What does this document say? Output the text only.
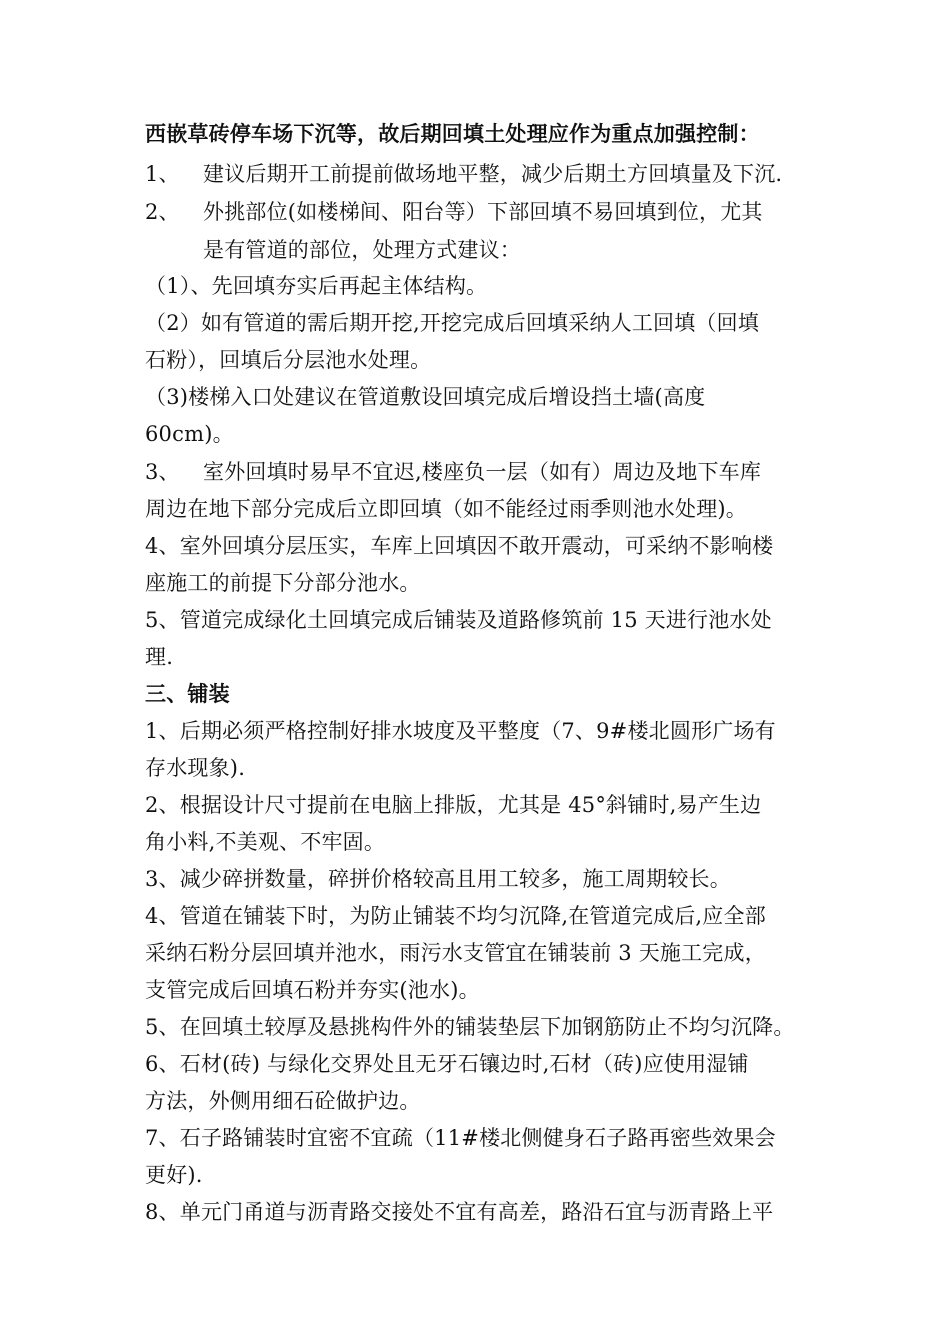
西嵌草砖停车场下沉等，故后期回填土处理应作为重点加强控制：
1、 建议后期开工前提前做场地平整，减少后期土方回填量及下沉.
2、 外挑部位(如楼梯间、阳台等）下部回填不易回填到位，尤其
是有管道的部位，处理方式建议：
（1）、先回填夯实后再起主体结构。
（2）如有管道的需后期开挖,开挖完成后回填采纳人工回填（回填
石粉），回填后分层池水处理。
（3)楼梯入口处建议在管道敷设回填完成后增设挡土墙(高度
60cm)。
3、 室外回填时易早不宜迟,楼座负一层（如有）周边及地下车库
周边在地下部分完成后立即回填（如不能经过雨季则池水处理)。
4、室外回填分层压实，车库上回填因不敢开震动，可采纳不影响楼
座施工的前提下分部分池水。
5、管道完成绿化土回填完成后铺装及道路修筑前 15 天进行池水处
理.
三、铺装
1、后期必须严格控制好排水坡度及平整度（7、9#楼北圆形广场有
存水现象).
2、根据设计尺寸提前在电脑上排版，尤其是 45°斜铺时,易产生边
角小料,不美观、不牢固。
3、减少碎拼数量，碎拼价格较高且用工较多，施工周期较长。
4、管道在铺装下时，为防止铺装不均匀沉降,在管道完成后,应全部
采纳石粉分层回填并池水，雨污水支管宜在铺装前 3 天施工完成，
支管完成后回填石粉并夯实(池水)。
5、在回填土较厚及悬挑构件外的铺装垫层下加钢筋防止不均匀沉降。
6、石材(砖) 与绿化交界处且无牙石镶边时,石材（砖)应使用湿铺
方法，外侧用细石砼做护边。
7、石子路铺装时宜密不宜疏（11#楼北侧健身石子路再密些效果会
更好).
8、单元门甬道与沥青路交接处不宜有高差，路沿石宜与沥青路上平
